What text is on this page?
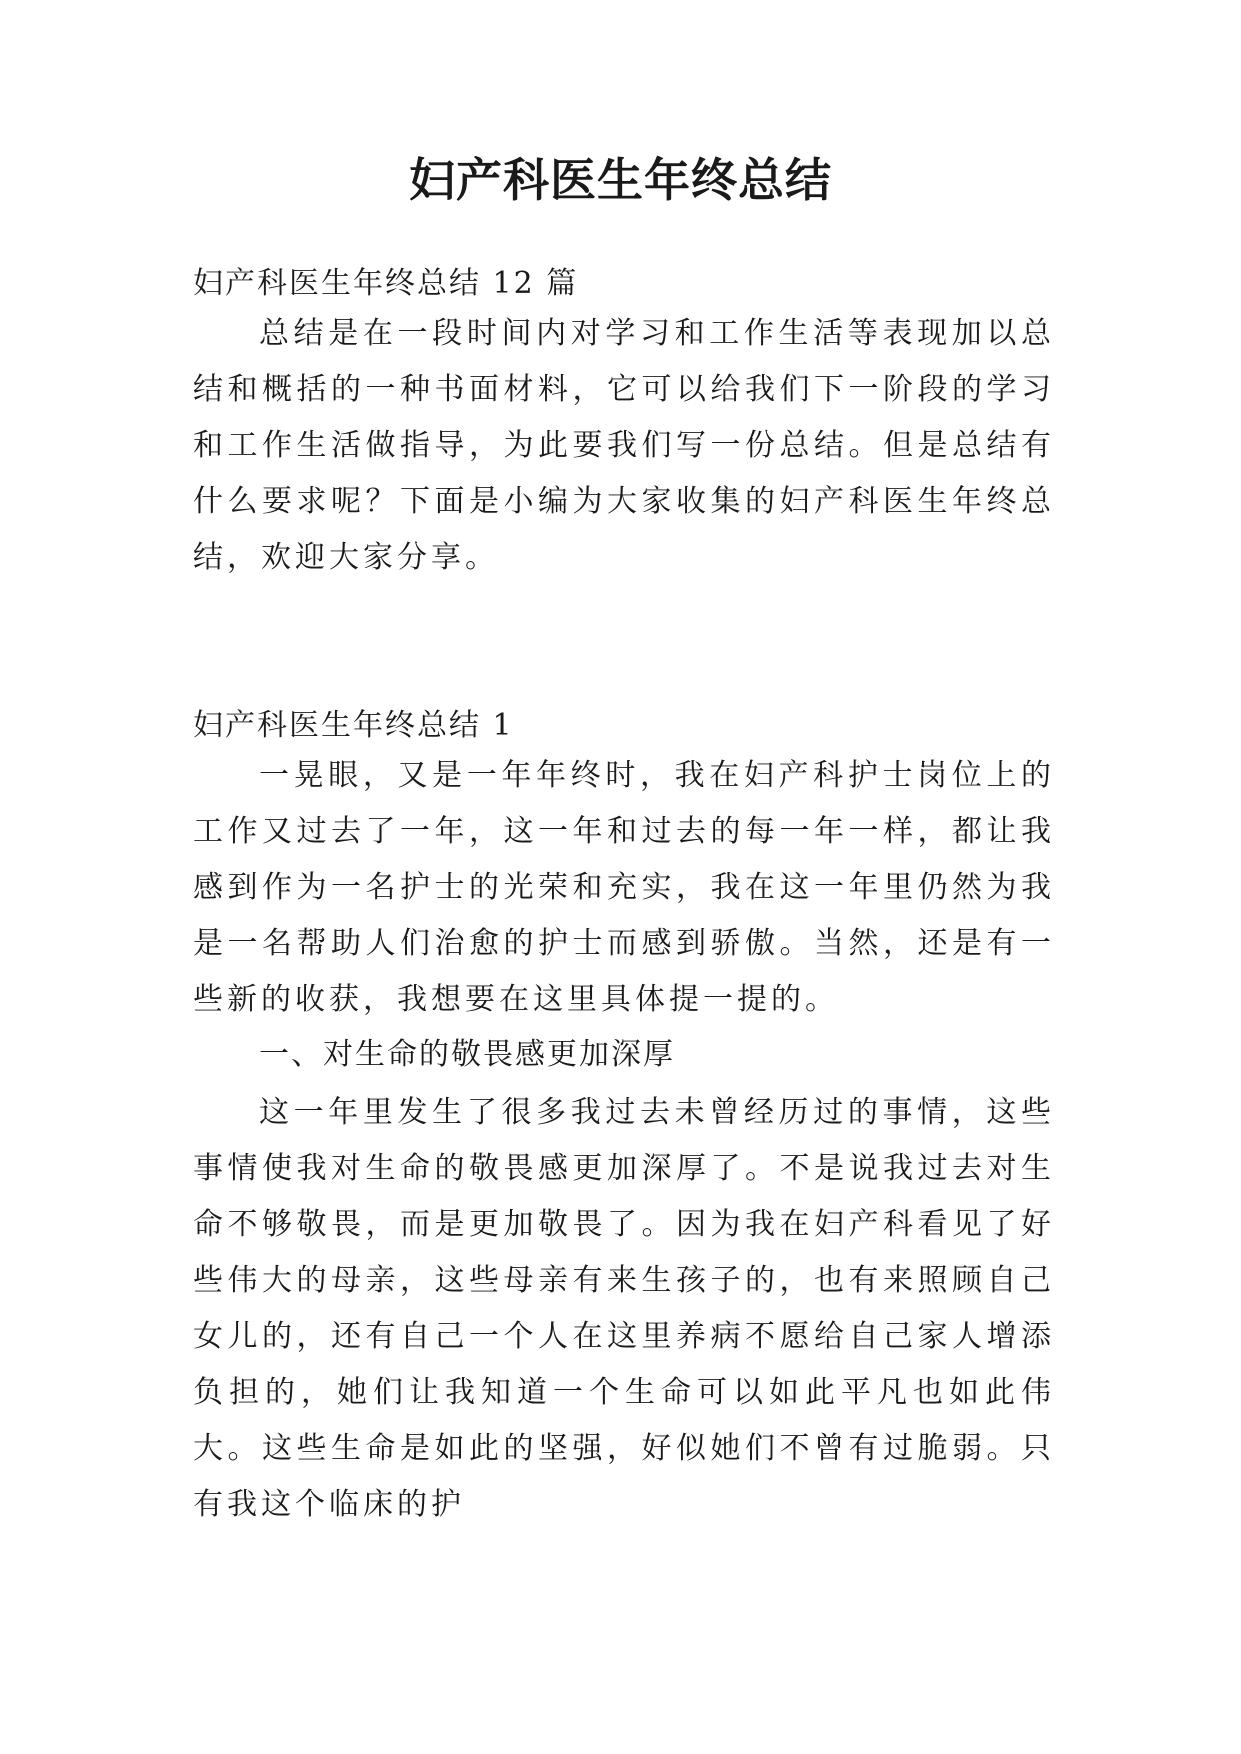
妇产科医生年终总结

妇产科医生年终总结 12 篇

总结是在一段时间内对学习和工作生活等表现加以总结和概括的一种书面材料，它可以给我们下一阶段的学习和工作生活做指导，为此要我们写一份总结。但是总结有什么要求呢？下面是小编为大家收集的妇产科医生年终总结，欢迎大家分享。

妇产科医生年终总结 1

一晃眼，又是一年年终时，我在妇产科护士岗位上的工作又过去了一年，这一年和过去的每一年一样，都让我感到作为一名护士的光荣和充实，我在这一年里仍然为我是一名帮助人们治愈的护士而感到骄傲。当然，还是有一些新的收获，我想要在这里具体提一提的。

一、对生命的敬畏感更加深厚

这一年里发生了很多我过去未曾经历过的事情，这些事情使我对生命的敬畏感更加深厚了。不是说我过去对生命不够敬畏，而是更加敬畏了。因为我在妇产科看见了好些伟大的母亲，这些母亲有来生孩子的，也有来照顾自己女儿的，还有自己一个人在这里养病不愿给自己家人增添负担的，她们让我知道一个生命可以如此平凡也如此伟大。这些生命是如此的坚强，好似她们不曾有过脆弱。只有我这个临床的护
